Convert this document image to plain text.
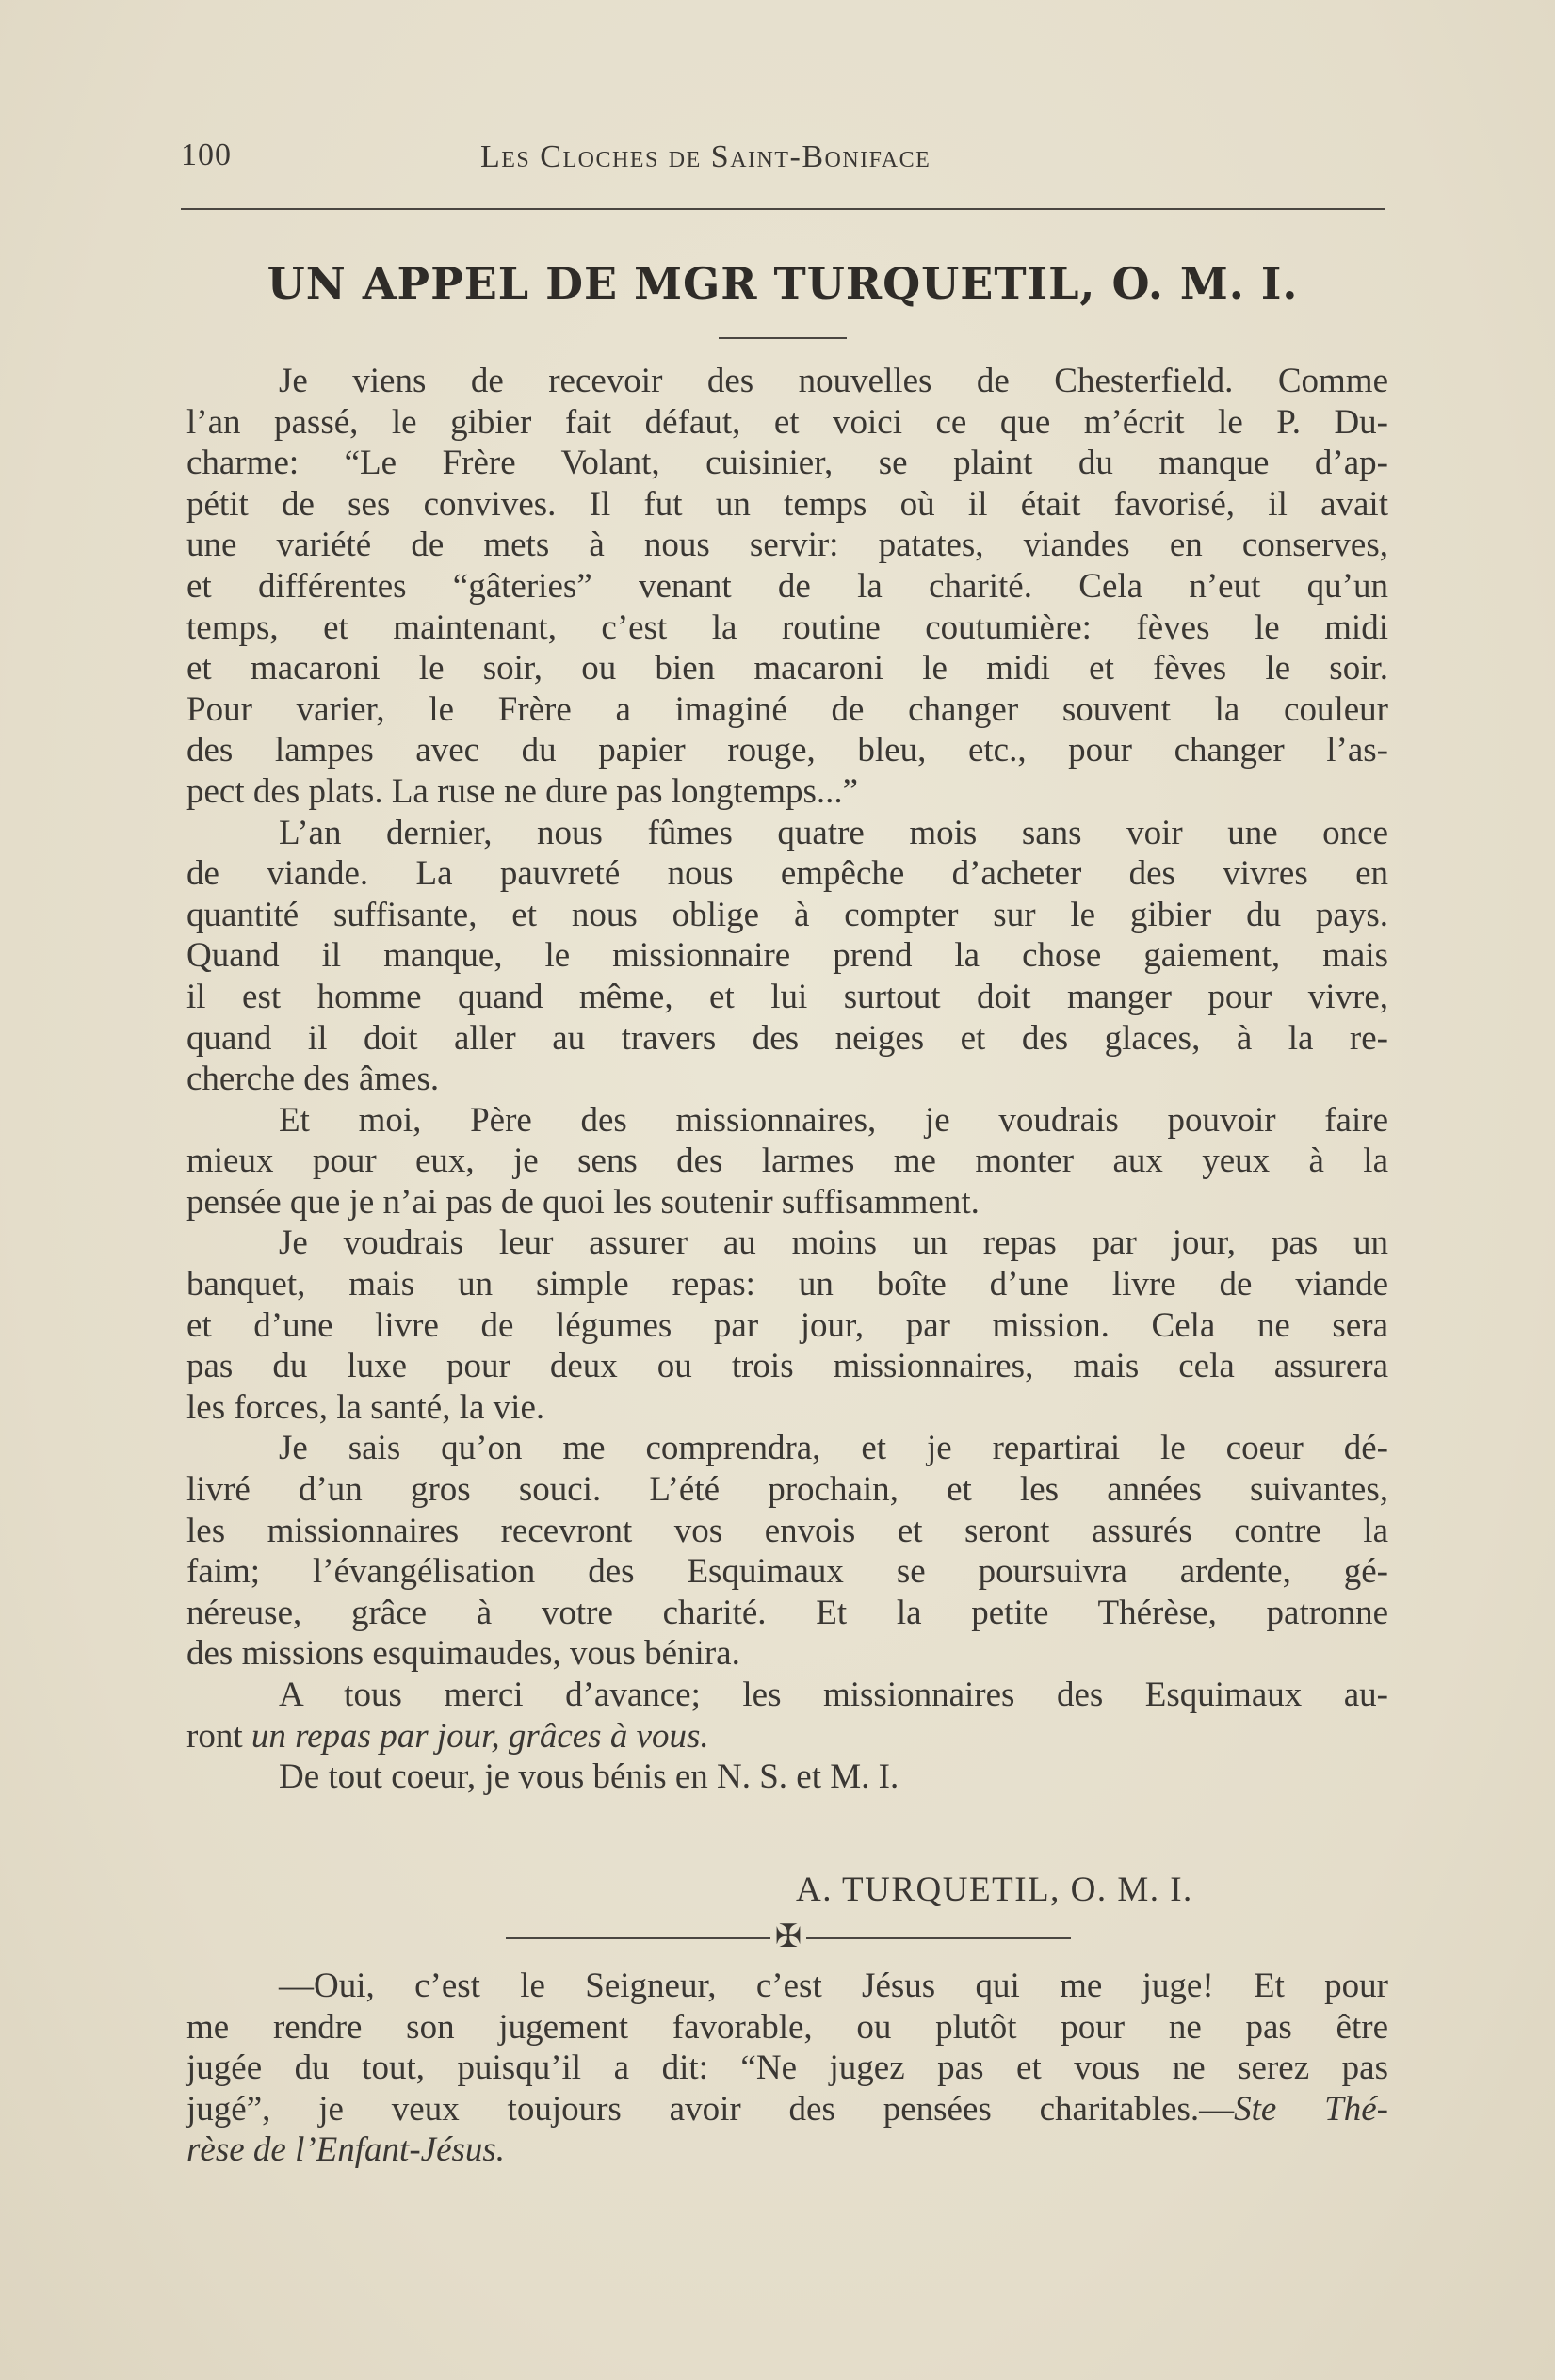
100	Les Cloches de Saint-Boniface
UN APPEL DE MGR TURQUETIL, O. M. I.

Je viens de recevoir des nouvelles de Chesterfield. Comme
l’an passé, le gibier fait défaut, et voici ce que m’écrit le P. Du-
charme: “Le Frère Volant, cuisinier, se plaint du manque d’ap-
pétit de ses convives. Il fut un temps où il était favorisé, il avait
une variété de mets à nous servir: patates, viandes en conserves,
et différentes “gâteries” venant de la charité. Cela n’eut qu’un
temps, et maintenant, c’est la routine coutumière: fèves le midi
et macaroni le soir, ou bien macaroni le midi et fèves le soir.
Pour varier, le Frère a imaginé de changer souvent la couleur
des lampes avec du papier rouge, bleu, etc., pour changer l’as-
pect des plats. La ruse ne dure pas longtemps...”

L’an dernier, nous fûmes quatre mois sans voir une once
de viande. La pauvreté nous empêche d’acheter des vivres en
quantité suffisante, et nous oblige à compter sur le gibier du pays.
Quand il manque, le missionnaire prend la chose gaiement, mais
il est homme quand même, et lui surtout doit manger pour vivre,
quand il doit aller au travers des neiges et des glaces, à la re-
cherche des âmes.

Et moi, Père des missionnaires, je voudrais pouvoir faire
mieux pour eux, je sens des larmes me monter aux yeux à la
pensée que je n’ai pas de quoi les soutenir suffisamment.

Je voudrais leur assurer au moins un repas par jour, pas un
banquet, mais un simple repas: un boîte d’une livre de viande
et d’une livre de légumes par jour, par mission. Cela ne sera
pas du luxe pour deux ou trois missionnaires, mais cela assurera
les forces, la santé, la vie.

Je sais qu’on me comprendra, et je repartirai le coeur dé-
livré d’un gros souci. L’été prochain, et les années suivantes,
les missionnaires recevront vos envois et seront assurés contre la
faim; l’évangélisation des Esquimaux se poursuivra ardente, gé-
néreuse, grâce à votre charité. Et la petite Thérèse, patronne
des missions esquimaudes, vous bénira.

A tous merci d’avance; les missionnaires des Esquimaux au-
ront un repas par jour, grâces à vous.

De tout coeur, je vous bénis en N. S. et M. I.

A. TURQUETIL, O. M. I.
✠

—Oui, c’est le Seigneur, c’est Jésus qui me juge! Et pour
me rendre son jugement favorable, ou plutôt pour ne pas être
jugée du tout, puisqu’il a dit: “Ne jugez pas et vous ne serez pas
jugé”, je veux toujours avoir des pensées charitables.—Ste Thé-
rèse de l’Enfant-Jésus.
